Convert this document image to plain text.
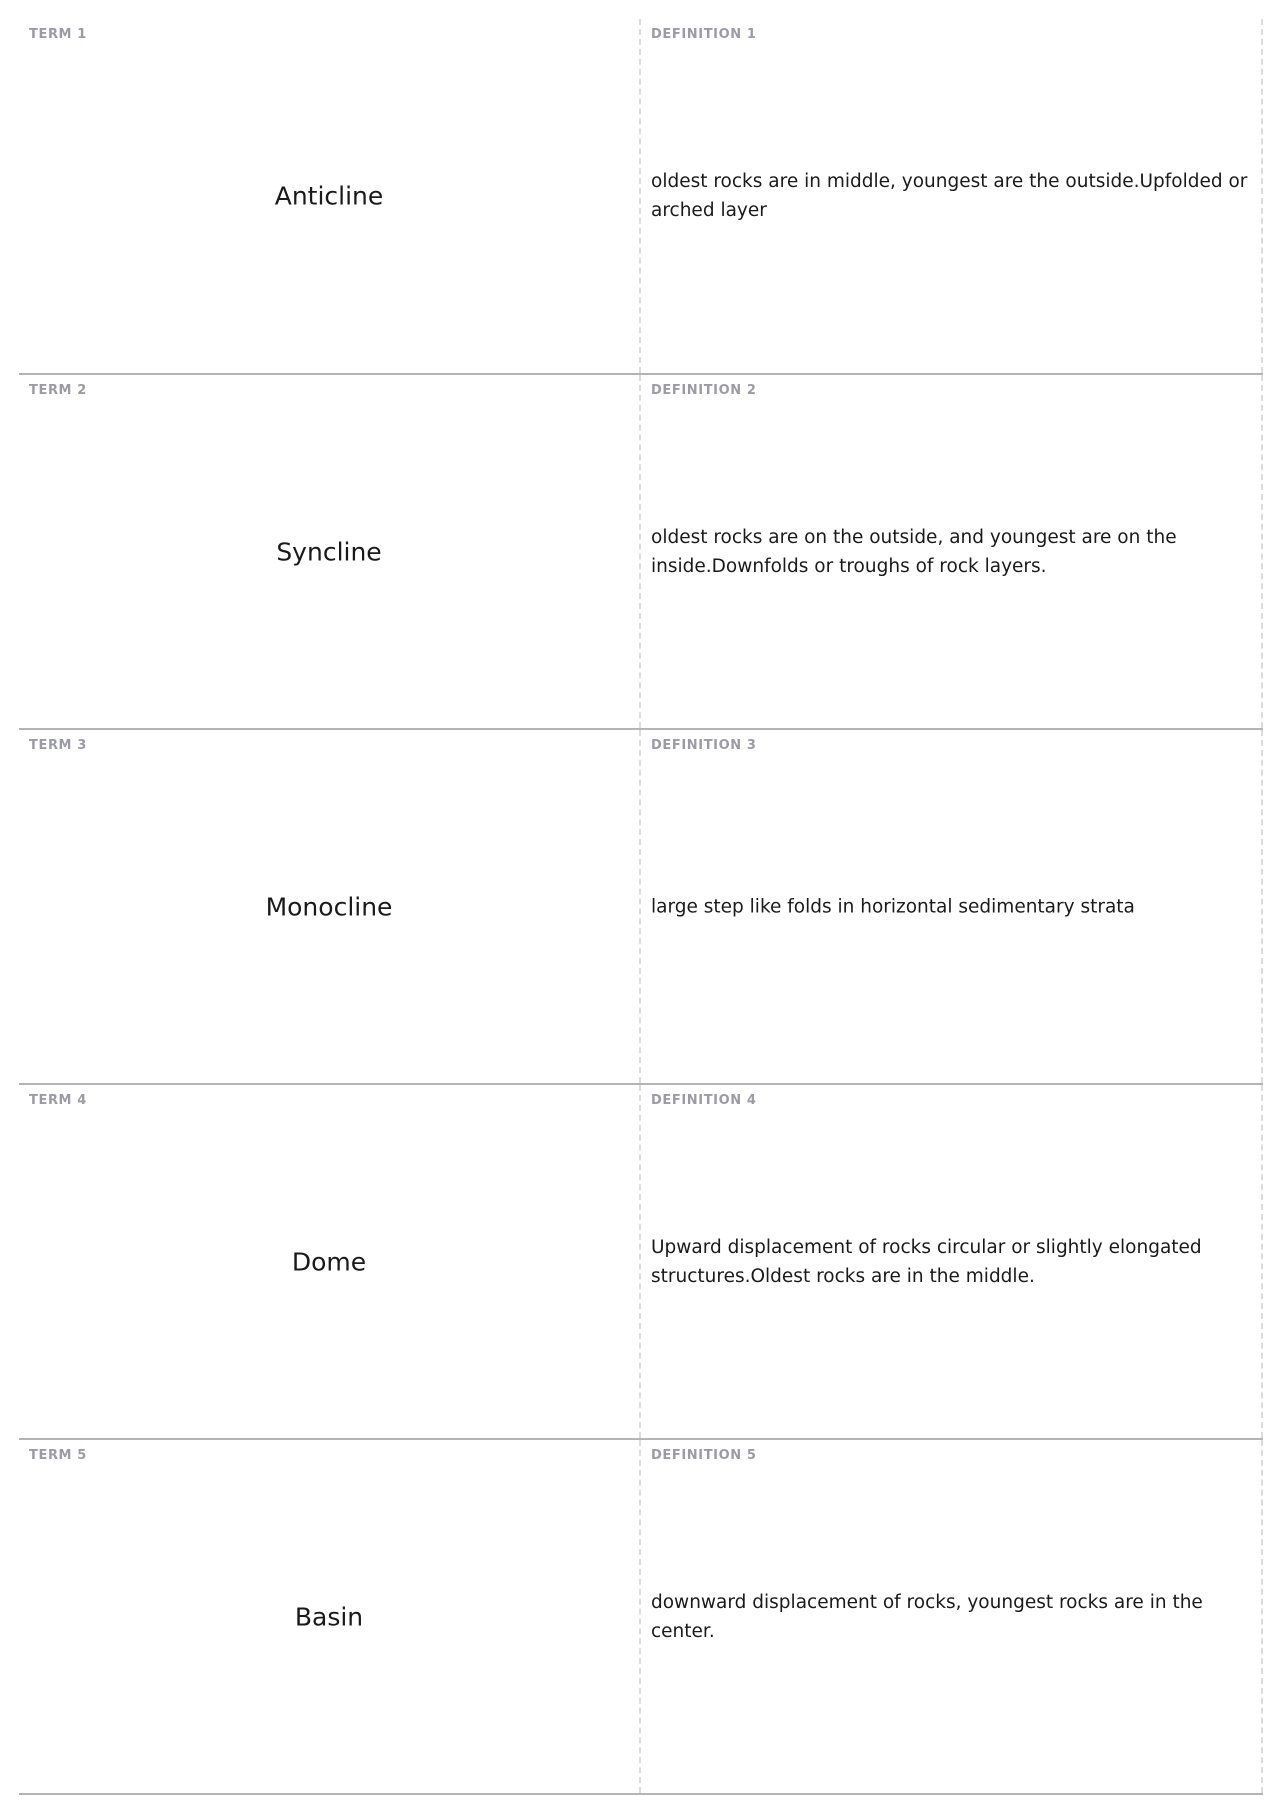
TERM 1
Anticline
DEFINITION 1
oldest rocks are in middle, youngest are the outside.Upfolded or arched layer
TERM 2
Syncline
DEFINITION 2
oldest rocks are on the outside, and youngest are on the inside.Downfolds or troughs of rock layers.
TERM 3
Monocline
DEFINITION 3
large step like folds in horizontal sedimentary strata
TERM 4
Dome
DEFINITION 4
Upward displacement of rocks circular or slightly elongated structures.Oldest rocks are in the middle.
TERM 5
Basin
DEFINITION 5
downward displacement of rocks, youngest rocks are in the center.
